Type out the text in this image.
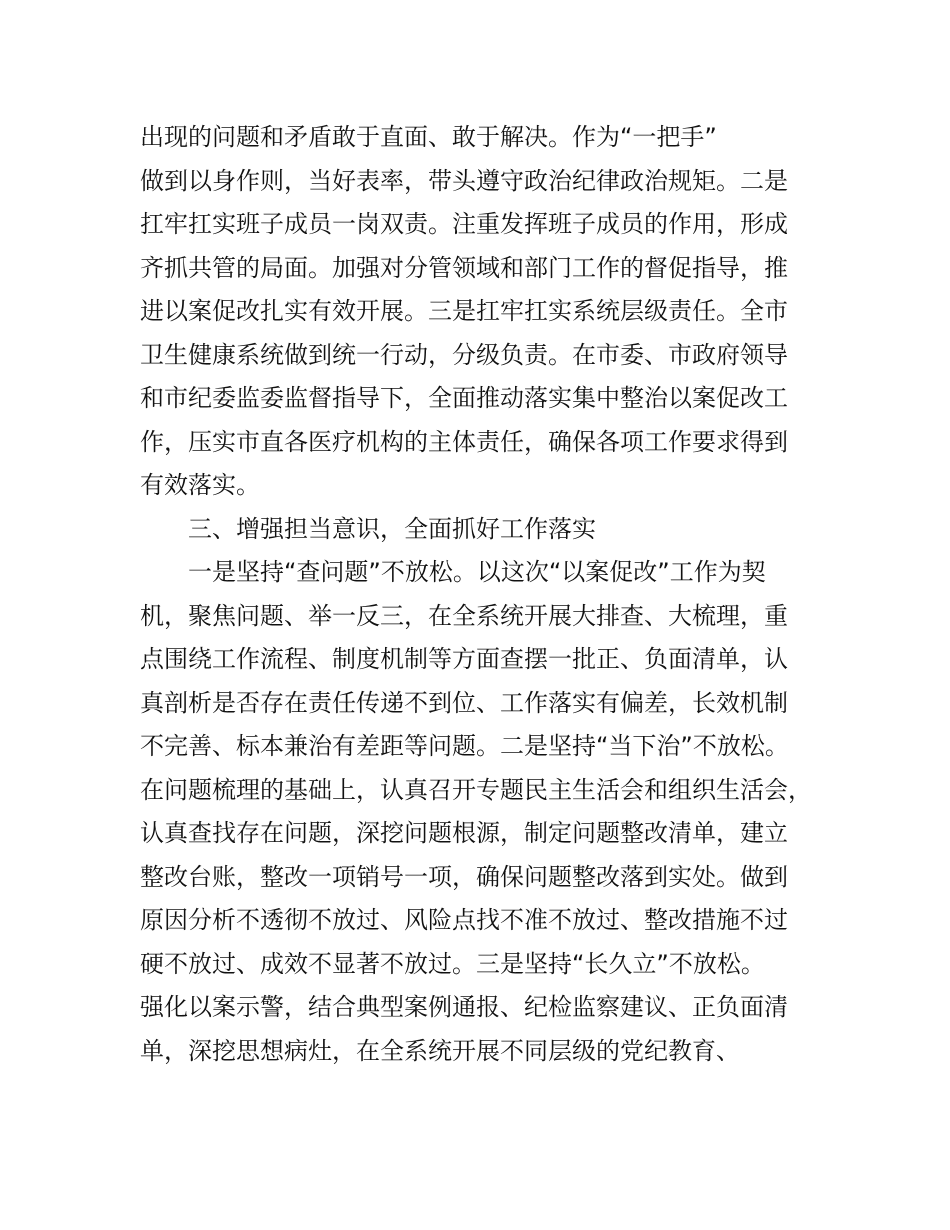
出现的问题和矛盾敢于直面、敢于解决。作为“一把手”
做到以身作则，当好表率，带头遵守政治纪律政治规矩。二是
扛牢扛实班子成员一岗双责。注重发挥班子成员的作用，形成
齐抓共管的局面。加强对分管领域和部门工作的督促指导，推
进以案促改扎实有效开展。三是扛牢扛实系统层级责任。全市
卫生健康系统做到统一行动，分级负责。在市委、市政府领导
和市纪委监委监督指导下，全面推动落实集中整治以案促改工
作，压实市直各医疗机构的主体责任，确保各项工作要求得到
有效落实。
三、增强担当意识，全面抓好工作落实
一是坚持“查问题”不放松。以这次“以案促改”工作为契
机，聚焦问题、举一反三，在全系统开展大排查、大梳理，重
点围绕工作流程、制度机制等方面查摆一批正、负面清单，认
真剖析是否存在责任传递不到位、工作落实有偏差，长效机制
不完善、标本兼治有差距等问题。二是坚持“当下治”不放松。
在问题梳理的基础上，认真召开专题民主生活会和组织生活会，
认真查找存在问题，深挖问题根源，制定问题整改清单，建立
整改台账，整改一项销号一项，确保问题整改落到实处。做到
原因分析不透彻不放过、风险点找不准不放过、整改措施不过
硬不放过、成效不显著不放过。三是坚持“长久立”不放松。
强化以案示警，结合典型案例通报、纪检监察建议、正负面清
单，深挖思想病灶，在全系统开展不同层级的党纪教育、
